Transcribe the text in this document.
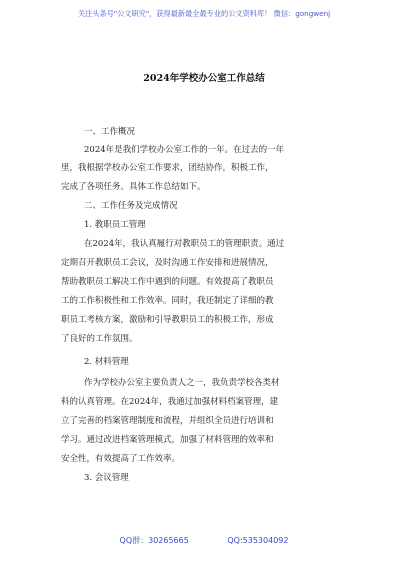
关注头条号"公文研究"，获得最新最全最专业的公文资料库！ 微信：gongwenj
2024年学校办公室工作总结
一、工作概况
2024年是我们学校办公室工作的一年。在过去的一年
里，我根据学校办公室工作要求，团结协作，积极工作，
完成了各项任务。具体工作总结如下。
二、工作任务及完成情况
1. 教职员工管理
在2024年，我认真履行对教职员工的管理职责。通过
定期召开教职员工会议，及时沟通工作安排和进展情况，
帮助教职员工解决工作中遇到的问题。有效提高了教职员
工的工作积极性和工作效率。同时，我还制定了详细的教
职员工考核方案，激励和引导教职员工的积极工作，形成
了良好的工作氛围。
2. 材料管理
作为学校办公室主要负责人之一，我负责学校各类材
料的认真管理。在2024年，我通过加强材料档案管理，建
立了完善的档案管理制度和流程，并组织全员进行培训和
学习。通过改进档案管理模式，加强了材料管理的效率和
安全性，有效提高了工作效率。
3. 会议管理
QQ群：30265665	QQ:535304092
